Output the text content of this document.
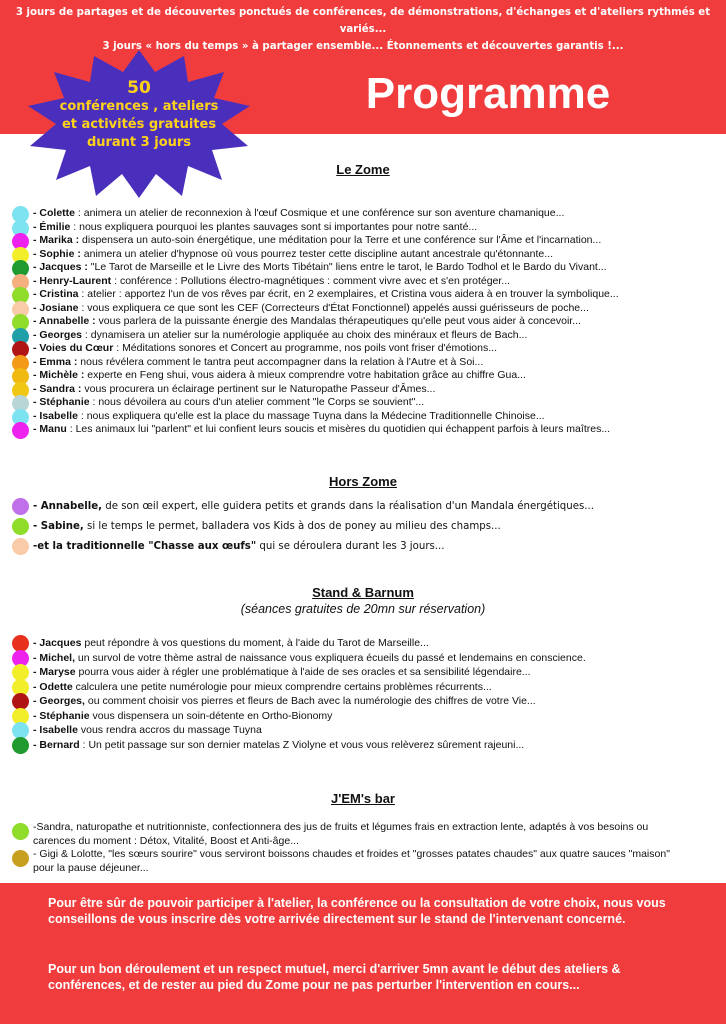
3 jours de partages et de découvertes ponctués de conférences, de démonstrations, d'échanges et d'ateliers rythmés et variés...
3 jours « hors du temps » à partager ensemble... Étonnements et découvertes garantis !...
50
conférences , ateliers
et activités gratuites
durant 3 jours
Programme
Le Zome
- Colette : animera un atelier de reconnexion à l'œuf Cosmique et une conférence sur son aventure chamanique...
- Émilie : nous expliquera pourquoi les plantes sauvages sont si importantes pour notre santé...
- Marika : dispensera un auto-soin énergétique, une méditation pour la Terre et une conférence sur l'Âme et l'incarnation...
- Sophie : animera un atelier d'hypnose où vous pourrez tester cette discipline autant ancestrale qu'étonnante...
- Jacques : "Le Tarot de Marseille et le Livre des Morts Tibétain" liens entre le tarot, le Bardo Todhol et le Bardo du Vivant...
- Henry-Laurent : conférence : Pollutions électro-magnétiques : comment vivre avec et s'en protéger...
- Cristina : atelier : apportez l'un de vos rêves par écrit, en 2 exemplaires, et Cristina vous aidera à en trouver la symbolique...
- Josiane : vous expliquera ce que sont les CEF (Correcteurs d'État Fonctionnel) appelés aussi guérisseurs de poche...
- Annabelle : vous parlera de la puissante énergie des Mandalas thérapeutiques qu'elle peut vous aider à concevoir...
- Georges : dynamisera un atelier sur la numérologie appliquée au choix des minéraux et fleurs de Bach...
- Voies du Cœur : Méditations sonores et Concert au programme, nos poils vont friser d'émotions...
- Emma : nous révélera comment le tantra peut accompagner dans la relation à l'Autre et à Soi...
- Michèle : experte en Feng shui, vous aidera à mieux comprendre votre habitation grâce au chiffre Gua...
- Sandra : vous procurera un éclairage pertinent sur le Naturopathe Passeur d'Âmes...
- Stéphanie : nous dévoilera au cours d'un atelier comment "le Corps se souvient"...
- Isabelle : nous expliquera qu'elle est la place du massage Tuyna dans la Médecine Traditionnelle Chinoise...
- Manu : Les animaux lui "parlent" et lui confient leurs soucis et misères du quotidien qui échappent parfois à leurs maîtres...
Hors Zome
- Annabelle, de son œil expert, elle guidera petits et grands dans la réalisation d'un Mandala énergétiques...
- Sabine, si le temps le permet, balladera vos Kids à dos de poney au milieu des champs...
-et la traditionnelle "Chasse aux œufs" qui se déroulera durant les 3 jours...
Stand & Barnum
(séances gratuites de 20mn sur réservation)
- Jacques peut répondre à vos questions du moment, à l'aide du Tarot de Marseille...
- Michel, un survol de votre thème astral de naissance vous expliquera écueils du passé et lendemains en conscience.
- Maryse pourra vous aider à régler une problématique à l'aide de ses oracles et sa sensibilité légendaire...
- Odette calculera une petite numérologie pour mieux comprendre certains problèmes récurrents...
- Georges, ou comment choisir vos pierres et fleurs de Bach avec la numérologie des chiffres de votre Vie...
- Stéphanie vous dispensera un soin-détente en Ortho-Bionomy
- Isabelle vous rendra accros du massage Tuyna
- Bernard : Un petit passage sur son dernier matelas Z Violyne et vous vous relèverez sûrement rajeuni...
J'EM's bar
-Sandra, naturopathe et nutritionniste, confectionnera des jus de fruits et légumes frais en extraction lente, adaptés à vos besoins ou carences du moment : Détox, Vitalité, Boost et Anti-âge...
- Gigi & Lolotte, "les sœurs sourire" vous serviront boissons chaudes et froides et "grosses patates chaudes" aux quatre sauces "maison" pour la pause déjeuner...

Pour être sûr de pouvoir participer à l'atelier, la conférence ou la consultation de votre choix, nous vous conseillons de vous inscrire dès votre arrivée directement sur le stand de l'intervenant concerné.

Pour un bon déroulement et un respect mutuel, merci d'arriver 5mn avant le début des ateliers & conférences, et de rester au pied du Zome pour ne pas perturber l'intervention en cours...
